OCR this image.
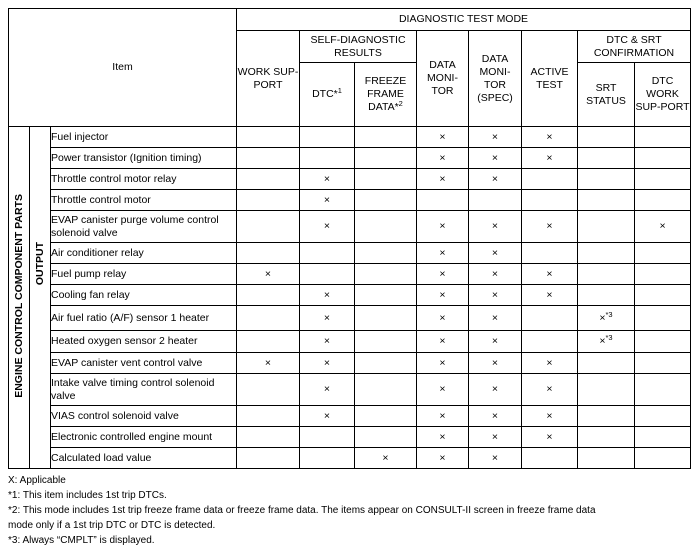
Item			DIAGNOSTIC TEST MODE							
			WORK SUP-PORT	SELF-DIAGNOSTIC RESULTS		DATA MONI-TOR	DATA MONI-TOR (SPEC)	ACTIVE TEST	DTC & SRT CONFIRMATION	
				DTC*$^1$	FREEZE FRAME DATA*$^2$				SRT STATUS	DTC WORK SUP-PORT
ENGINE CONTROL COMPONENT PARTS	OUTPUT	Fuel injector				×	×	×		
		Power transistor (Ignition timing)				×	×	×		
		Throttle control motor relay		×		×	×			
		Throttle control motor		×						
		EVAP canister purge volume control solenoid valve		×		×	×	×		×
		Air conditioner relay				×	×			
		Fuel pump relay	×			×	×	×		
		Cooling fan relay		×		×	×	×		
		Air fuel ratio (A/F) sensor 1 heater		×		×	×		×$^{*3}$	
		Heated oxygen sensor 2 heater		×		×	×		×$^{*3}$	
		EVAP canister vent control valve	×	×		×	×	×		
		Intake valve timing control solenoid valve		×		×	×	×		
		VIAS control solenoid valve		×		×	×	×		
		Electronic controlled engine mount				×	×	×		
		Calculated load value			×	×	×			
X: Applicable
*1: This item includes 1st trip DTCs.
*2: This mode includes 1st trip freeze frame data or freeze frame data. The items appear on CONSULT-II screen in freeze frame data
mode only if a 1st trip DTC or DTC is detected.
*3: Always “CMPLT” is displayed.
